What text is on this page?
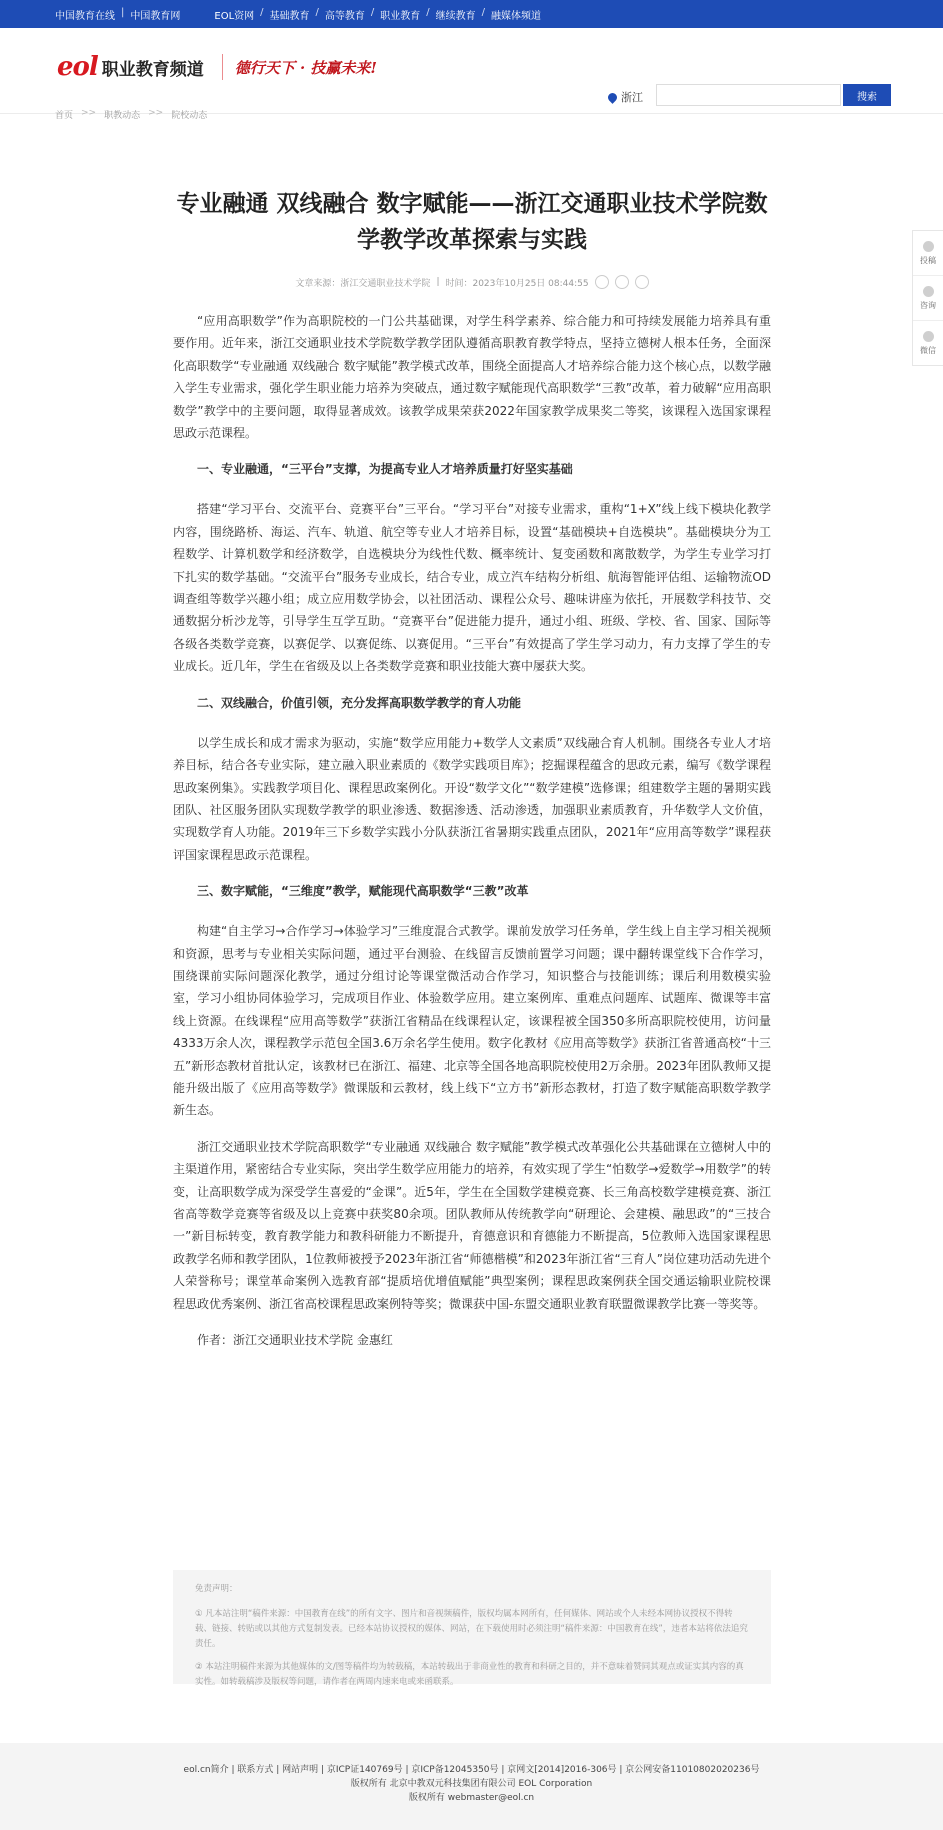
中国教育在线 | 中国教育网	EOL资网 / 基础教育 / 高等教育 / 职业教育 / 继续教育 / 融媒体频道
eol 职业教育频道 德行天下 · 技赢未来!
浙江	搜索
首页 >> 职教动态 >> 院校动态
投稿
咨询
微信
专业融通 双线融合 数字赋能——浙江交通职业技术学院数学教学改革探索与实践
文章来源：浙江交通职业技术学院 | 时间：2023年10月25日 08:44:55

“应用高职数学”作为高职院校的一门公共基础课，对学生科学素养、综合能力和可持续发展能力培养具有重要作用。近年来，浙江交通职业技术学院数学教学团队遵循高职教育教学特点，坚持立德树人根本任务，全面深化高职数学“专业融通 双线融合 数字赋能”教学模式改革，围绕全面提高人才培养综合能力这个核心点，以数学融入学生专业需求，强化学生职业能力培养为突破点，通过数字赋能现代高职数学“三教”改革，着力破解“应用高职数学”教学中的主要问题，取得显著成效。该教学成果荣获2022年国家教学成果奖二等奖，该课程入选国家课程思政示范课程。

一、专业融通，“三平台”支撑，为提高专业人才培养质量打好坚实基础

搭建“学习平台、交流平台、竞赛平台”三平台。“学习平台”对接专业需求，重构“1+X”线上线下模块化教学内容，围绕路桥、海运、汽车、轨道、航空等专业人才培养目标，设置“基础模块+自选模块”。基础模块分为工程数学、计算机数学和经济数学，自选模块分为线性代数、概率统计、复变函数和离散数学，为学生专业学习打下扎实的数学基础。“交流平台”服务专业成长，结合专业，成立汽车结构分析组、航海智能评估组、运输物流OD调查组等数学兴趣小组；成立应用数学协会，以社团活动、课程公众号、趣味讲座为依托，开展数学科技节、交通数据分析沙龙等，引导学生互学互助。“竞赛平台”促进能力提升，通过小组、班级、学校、省、国家、国际等各级各类数学竞赛，以赛促学、以赛促练、以赛促用。“三平台”有效提高了学生学习动力，有力支撑了学生的专业成长。近几年，学生在省级及以上各类数学竞赛和职业技能大赛中屡获大奖。

二、双线融合，价值引领，充分发挥高职数学教学的育人功能

以学生成长和成才需求为驱动，实施“数学应用能力+数学人文素质”双线融合育人机制。围绕各专业人才培养目标，结合各专业实际，建立融入职业素质的《数学实践项目库》；挖掘课程蕴含的思政元素，编写《数学课程思政案例集》。实践教学项目化、课程思政案例化。开设“数学文化”“数学建模”选修课；组建数学主题的暑期实践团队、社区服务团队实现数学教学的职业渗透、数据渗透、活动渗透，加强职业素质教育，升华数学人文价值，实现数学育人功能。2019年三下乡数学实践小分队获浙江省暑期实践重点团队，2021年“应用高等数学”课程获评国家课程思政示范课程。

三、数字赋能，“三维度”教学，赋能现代高职数学“三教”改革

构建“自主学习→合作学习→体验学习”三维度混合式教学。课前发放学习任务单，学生线上自主学习相关视频和资源，思考与专业相关实际问题，通过平台测验、在线留言反馈前置学习问题；课中翻转课堂线下合作学习，围绕课前实际问题深化教学，通过分组讨论等课堂微活动合作学习，知识整合与技能训练；课后利用数模实验室，学习小组协同体验学习，完成项目作业、体验数学应用。建立案例库、重难点问题库、试题库、微课等丰富线上资源。在线课程“应用高等数学”获浙江省精品在线课程认定，该课程被全国350多所高职院校使用，访问量4333万余人次，课程教学示范包全国3.6万余名学生使用。数字化教材《应用高等数学》获浙江省普通高校“十三五”新形态教材首批认定，该教材已在浙江、福建、北京等全国各地高职院校使用2万余册。2023年团队教师又提能升级出版了《应用高等数学》微课版和云教材，线上线下“立方书”新形态教材，打造了数字赋能高职数学教学新生态。

浙江交通职业技术学院高职数学“专业融通 双线融合 数字赋能”教学模式改革强化公共基础课在立德树人中的主渠道作用，紧密结合专业实际，突出学生数学应用能力的培养，有效实现了学生“怕数学→爱数学→用数学”的转变，让高职数学成为深受学生喜爱的“金课”。近5年，学生在全国数学建模竞赛、长三角高校数学建模竞赛、浙江省高等数学竞赛等省级及以上竞赛中获奖80余项。团队教师从传统教学向“研理论、会建模、融思政”的“三技合一”新目标转变，教育教学能力和教科研能力不断提升，育德意识和育德能力不断提高，5位教师入选国家课程思政教学名师和教学团队，1位教师被授予2023年浙江省“师德楷模”和2023年浙江省“三育人”岗位建功活动先进个人荣誉称号；课堂革命案例入选教育部“提质培优增值赋能”典型案例；课程思政案例获全国交通运输职业院校课程思政优秀案例、浙江省高校课程思政案例特等奖；微课获中国-东盟交通职业教育联盟微课教学比赛一等奖等。

作者：浙江交通职业技术学院 金惠红

免责声明：
① 凡本站注明“稿件来源：中国教育在线”的所有文字、图片和音视频稿件，版权均属本网所有，任何媒体、网站或个人未经本网协议授权不得转载、链接、转贴或以其他方式复制发表。已经本站协议授权的媒体、网站，在下载使用时必须注明“稿件来源：中国教育在线”，违者本站将依法追究责任。
② 本站注明稿件来源为其他媒体的文/图等稿件均为转载稿，本站转载出于非商业性的教育和科研之目的，并不意味着赞同其观点或证实其内容的真实性。如转载稿涉及版权等问题，请作者在两周内速来电或来函联系。
eol.cn简介 | 联系方式 | 网站声明 | 京ICP证140769号 | 京ICP备12045350号 | 京网文[2014]2016-306号 | 京公网安备11010802020236号
版权所有 北京中教双元科技集团有限公司 EOL Corporation
版权所有 webmaster@eol.cn
